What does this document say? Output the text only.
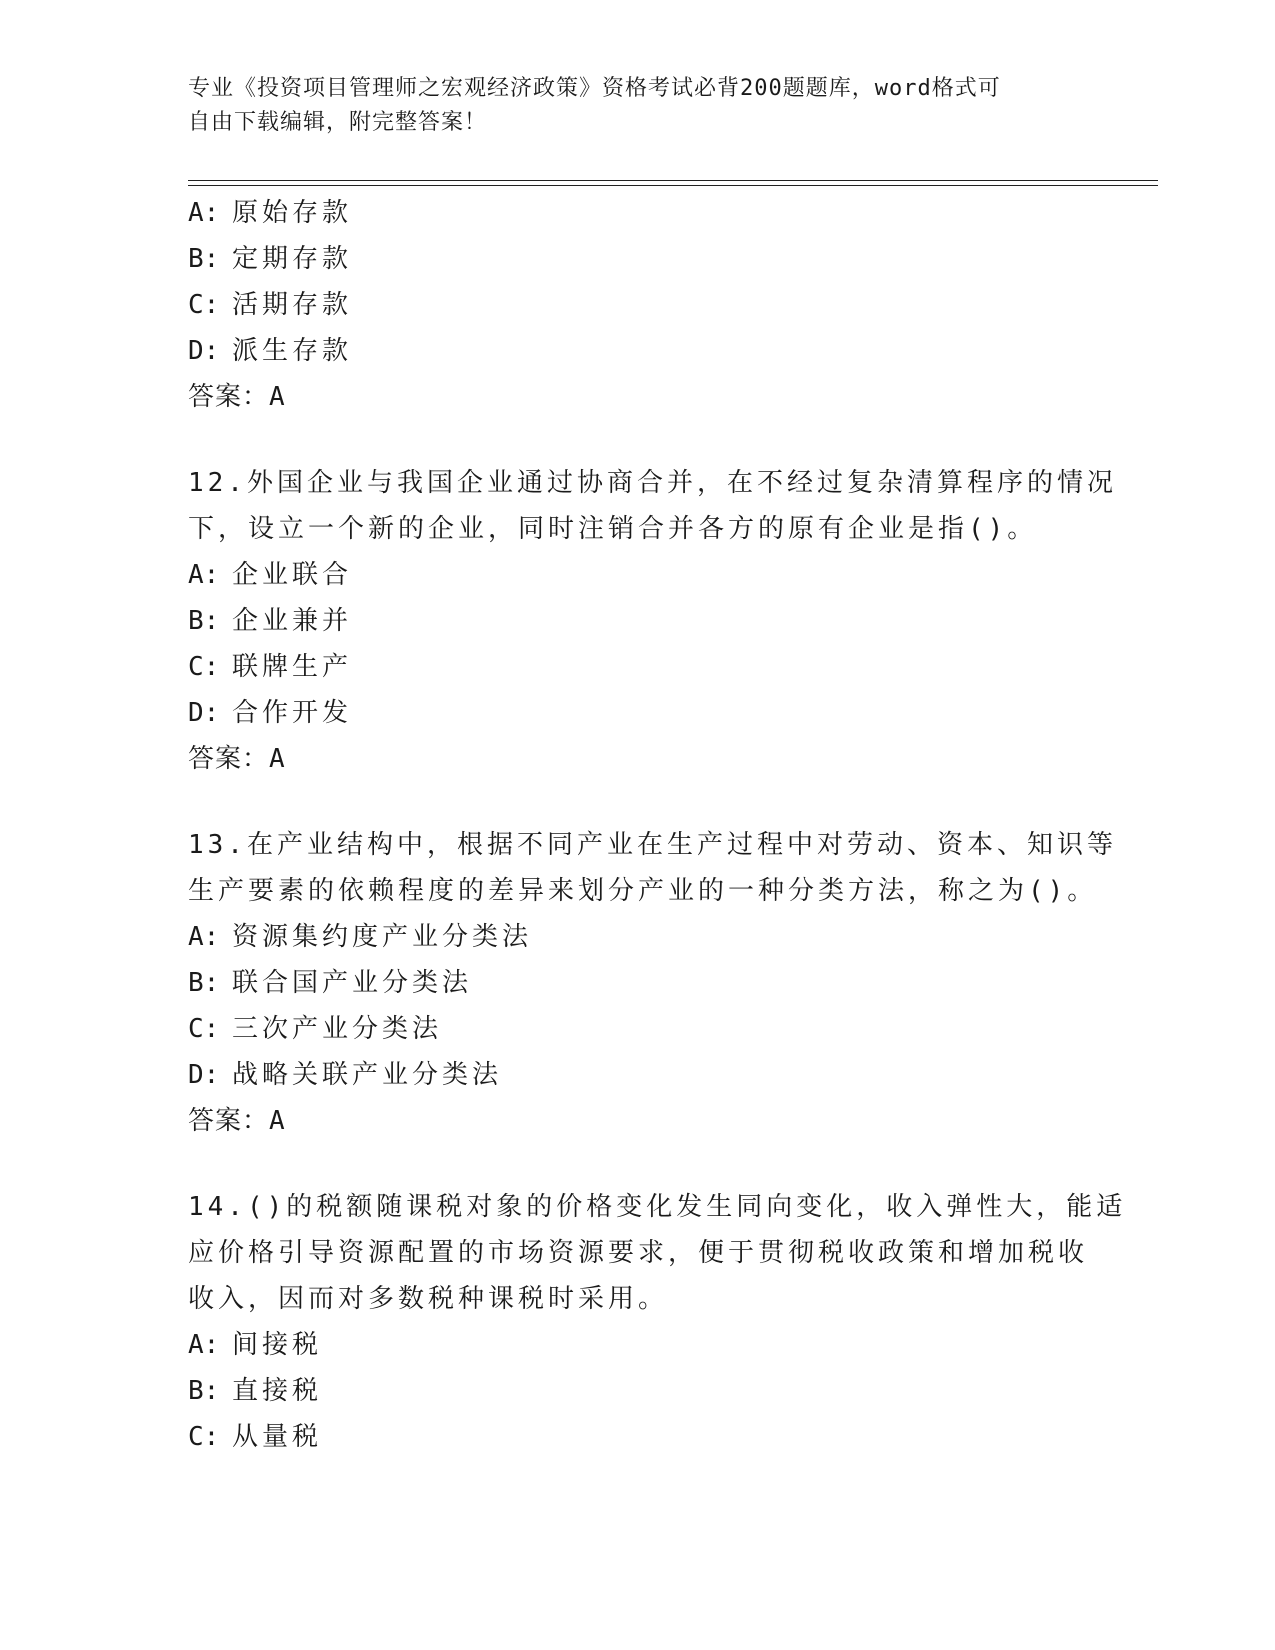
专业《投资项目管理师之宏观经济政策》资格考试必背200题题库，word格式可
自由下载编辑，附完整答案！
A: 原始存款
B: 定期存款
C: 活期存款
D: 派生存款
答案：A
12.外国企业与我国企业通过协商合并，在不经过复杂清算程序的情况
下，设立一个新的企业，同时注销合并各方的原有企业是指()。
A: 企业联合
B: 企业兼并
C: 联牌生产
D: 合作开发
答案：A
13.在产业结构中，根据不同产业在生产过程中对劳动、资本、知识等
生产要素的依赖程度的差异来划分产业的一种分类方法，称之为()。
A: 资源集约度产业分类法
B: 联合国产业分类法
C: 三次产业分类法
D: 战略关联产业分类法
答案：A
14.()的税额随课税对象的价格变化发生同向变化，收入弹性大，能适
应价格引导资源配置的市场资源要求，便于贯彻税收政策和增加税收
收入，因而对多数税种课税时采用。
A: 间接税
B: 直接税
C: 从量税
